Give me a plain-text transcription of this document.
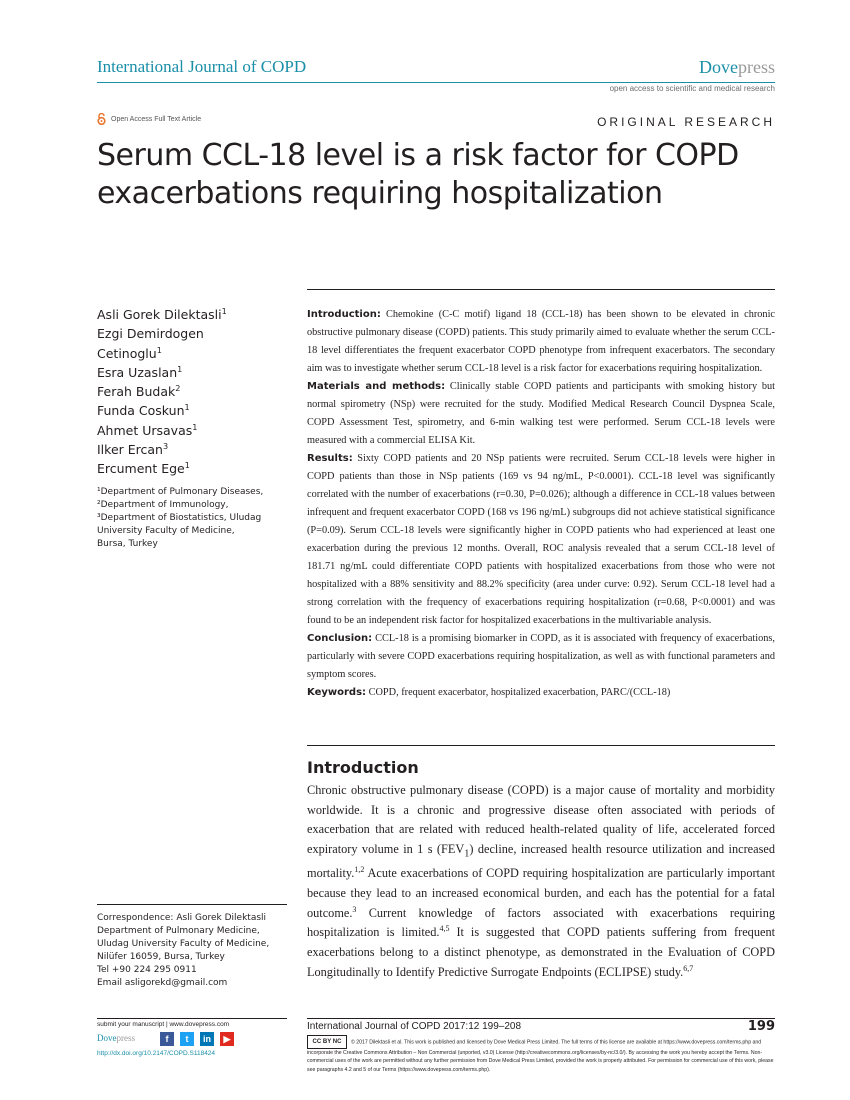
International Journal of COPD	Dovepress
open access to scientific and medical research
Open Access Full Text Article	ORIGINAL RESEARCH
Serum CCL-18 level is a risk factor for COPD
exacerbations requiring hospitalization
Asli Gorek Dilektasli$^1$
Ezgi Demirdogen
Cetinoglu$^1$
Esra Uzaslan$^1$
Ferah Budak$^2$
Funda Coskun$^1$
Ahmet Ursavas$^1$
Ilker Ercan$^3$
Ercument Ege$^1$
¹Department of Pulmonary Diseases,
²Department of Immunology,
³Department of Biostatistics, Uludag
University Faculty of Medicine,
Bursa, Turkey
Correspondence: Asli Gorek Dilektasli
Department of Pulmonary Medicine,
Uludag University Faculty of Medicine,
Nilüfer 16059, Bursa, Turkey
Tel +90 224 295 0911
Email asligorekd@gmail.com

Introduction: Chemokine (C-C motif) ligand 18 (CCL-18) has been shown to be elevated in chronic obstructive pulmonary disease (COPD) patients. This study primarily aimed to evaluate whether the serum CCL-18 level differentiates the frequent exacerbator COPD phenotype from infrequent exacerbators. The secondary aim was to investigate whether serum CCL-18 level is a risk factor for exacerbations requiring hospitalization.

Materials and methods: Clinically stable COPD patients and participants with smoking history but normal spirometry (NSp) were recruited for the study. Modified Medical Research Council Dyspnea Scale, COPD Assessment Test, spirometry, and 6-min walking test were performed. Serum CCL-18 levels were measured with a commercial ELISA Kit.

Results: Sixty COPD patients and 20 NSp patients were recruited. Serum CCL-18 levels were higher in COPD patients than those in NSp patients (169 vs 94 ng/mL, P<0.0001). CCL-18 level was significantly correlated with the number of exacerbations (r=0.30, P=0.026); although a difference in CCL-18 values between infrequent and frequent exacerbator COPD (168 vs 196 ng/mL) subgroups did not achieve statistical significance (P=0.09). Serum CCL-18 levels were significantly higher in COPD patients who had experienced at least one exacerbation during the previous 12 months. Overall, ROC analysis revealed that a serum CCL-18 level of 181.71 ng/mL could differentiate COPD patients with hospitalized exacerbations from those who were not hospitalized with a 88% sensitivity and 88.2% specificity (area under curve: 0.92). Serum CCL-18 level had a strong correlation with the frequency of exacerbations requiring hospitalization (r=0.68, P<0.0001) and was found to be an independent risk factor for hospitalized exacerbations in the multivariable analysis.

Conclusion: CCL-18 is a promising biomarker in COPD, as it is associated with frequency of exacerbations, particularly with severe COPD exacerbations requiring hospitalization, as well as with functional parameters and symptom scores.

Keywords: COPD, frequent exacerbator, hospitalized exacerbation, PARC/(CCL-18)

Introduction

Chronic obstructive pulmonary disease (COPD) is a major cause of mortality and morbidity worldwide. It is a chronic and progressive disease often associated with periods of exacerbation that are related with reduced health-related quality of life, accelerated forced expiratory volume in 1 s $(FEV_1)$ decline, increased health resource utilization and increased mortality.$^{1,2}$ Acute exacerbations of COPD requiring hospitalization are particularly important because they lead to an increased economical burden, and each has the potential for a fatal outcome.$^3$ Current knowledge of factors associated with exacerbations requiring hospitalization is limited.$^{4,5}$ It is suggested that COPD patients suffering from frequent exacerbations belong to a distinct phenotype, as demonstrated in the Evaluation of COPD Longitudinally to Identify Predictive Surrogate Endpoints (ECLIPSE) study.$^{6,7}$

submit your manuscript | www.dovepress.com
Dovepress	f	t	in	▶
http://dx.doi.org/10.2147/COPD.S118424
International Journal of COPD 2017:12 199–208	199
CC BY NC © 2017 Dilektasli et al. This work is published and licensed by Dove Medical Press Limited. The full terms of this license are available at https://www.dovepress.com/terms.php and incorporate the Creative Commons Attribution – Non Commercial (unported, v3.0) License (http://creativecommons.org/licenses/by-nc/3.0/). By accessing the work you hereby accept the Terms. Non-commercial uses of the work are permitted without any further permission from Dove Medical Press Limited, provided the work is properly attributed. For permission for commercial use of this work, please see paragraphs 4.2 and 5 of our Terms (https://www.dovepress.com/terms.php).
